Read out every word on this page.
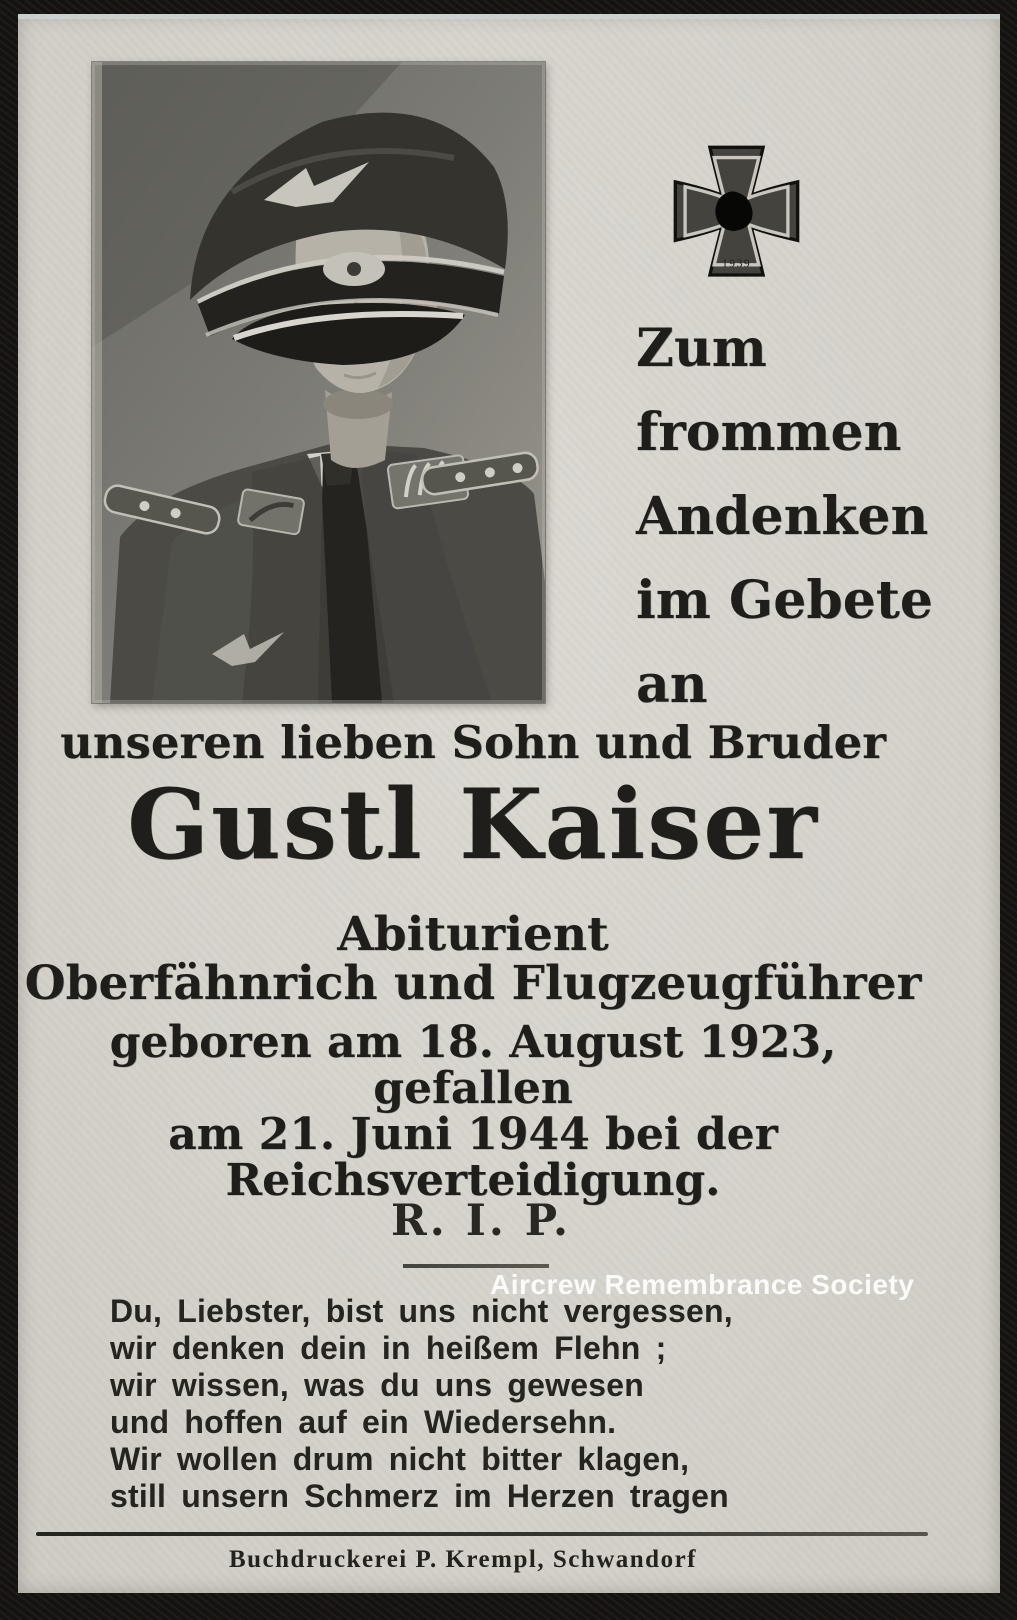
1939
Zum
frommen
Andenken
im Gebete
an
unseren lieben Sohn und Bruder
Gustl Kaiser
Abiturient
Oberfähnrich und Flugzeugführer
geboren am 18. August 1923, gefallen
am 21. Juni 1944 bei der
Reichsverteidigung.
R. I. P.
Aircrew Remembrance Society
Du, Liebster, bist uns nicht vergessen,
wir denken dein in heißem Flehn ;
wir wissen, was du uns gewesen
und hoffen auf ein Wiedersehn.
Wir wollen drum nicht bitter klagen,
still unsern Schmerz im Herzen tragen
Buchdruckerei P. Krempl, Schwandorf
